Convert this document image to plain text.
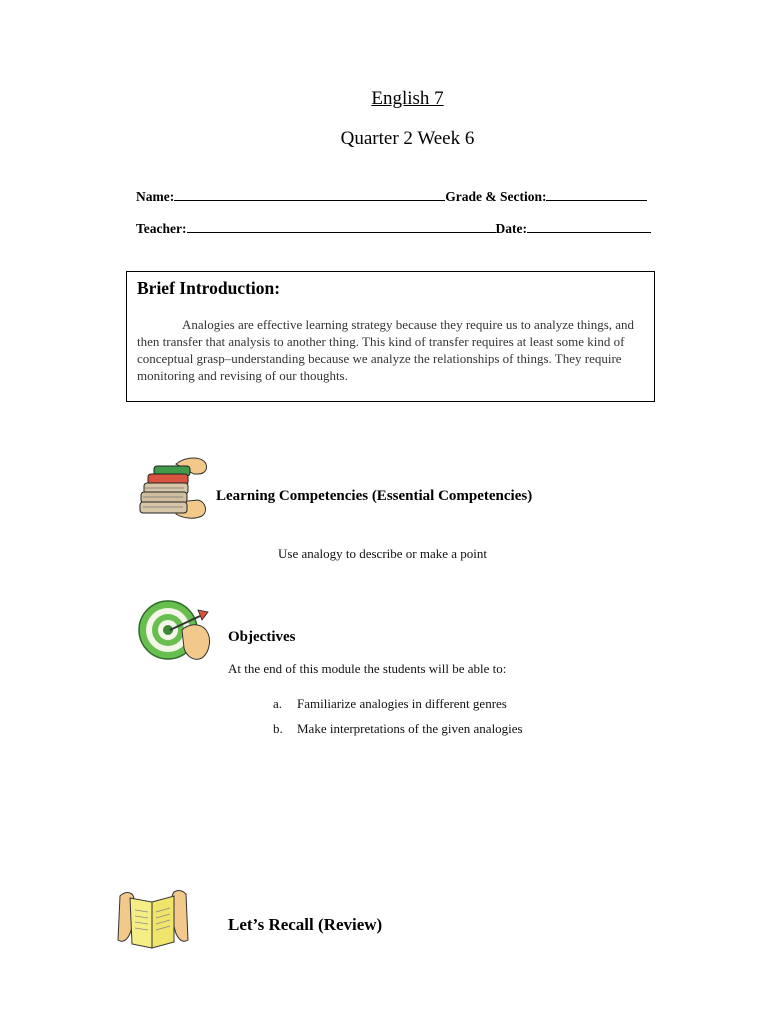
English 7
Quarter 2 Week 6
Name:	Grade & Section:
Teacher:	Date:
Brief Introduction:
Analogies are effective learning strategy because they require us to analyze things, and then transfer that analysis to another thing. This kind of transfer requires at least some kind of conceptual grasp–understanding because we analyze the relationships of things. They require monitoring and revising of our thoughts.
Learning Competencies (Essential Competencies)
Use analogy to describe or make a point
Objectives
At the end of this module the students will be able to:
a. Familiarize analogies in different genres
b. Make interpretations of the given analogies
Let’s Recall (Review)
